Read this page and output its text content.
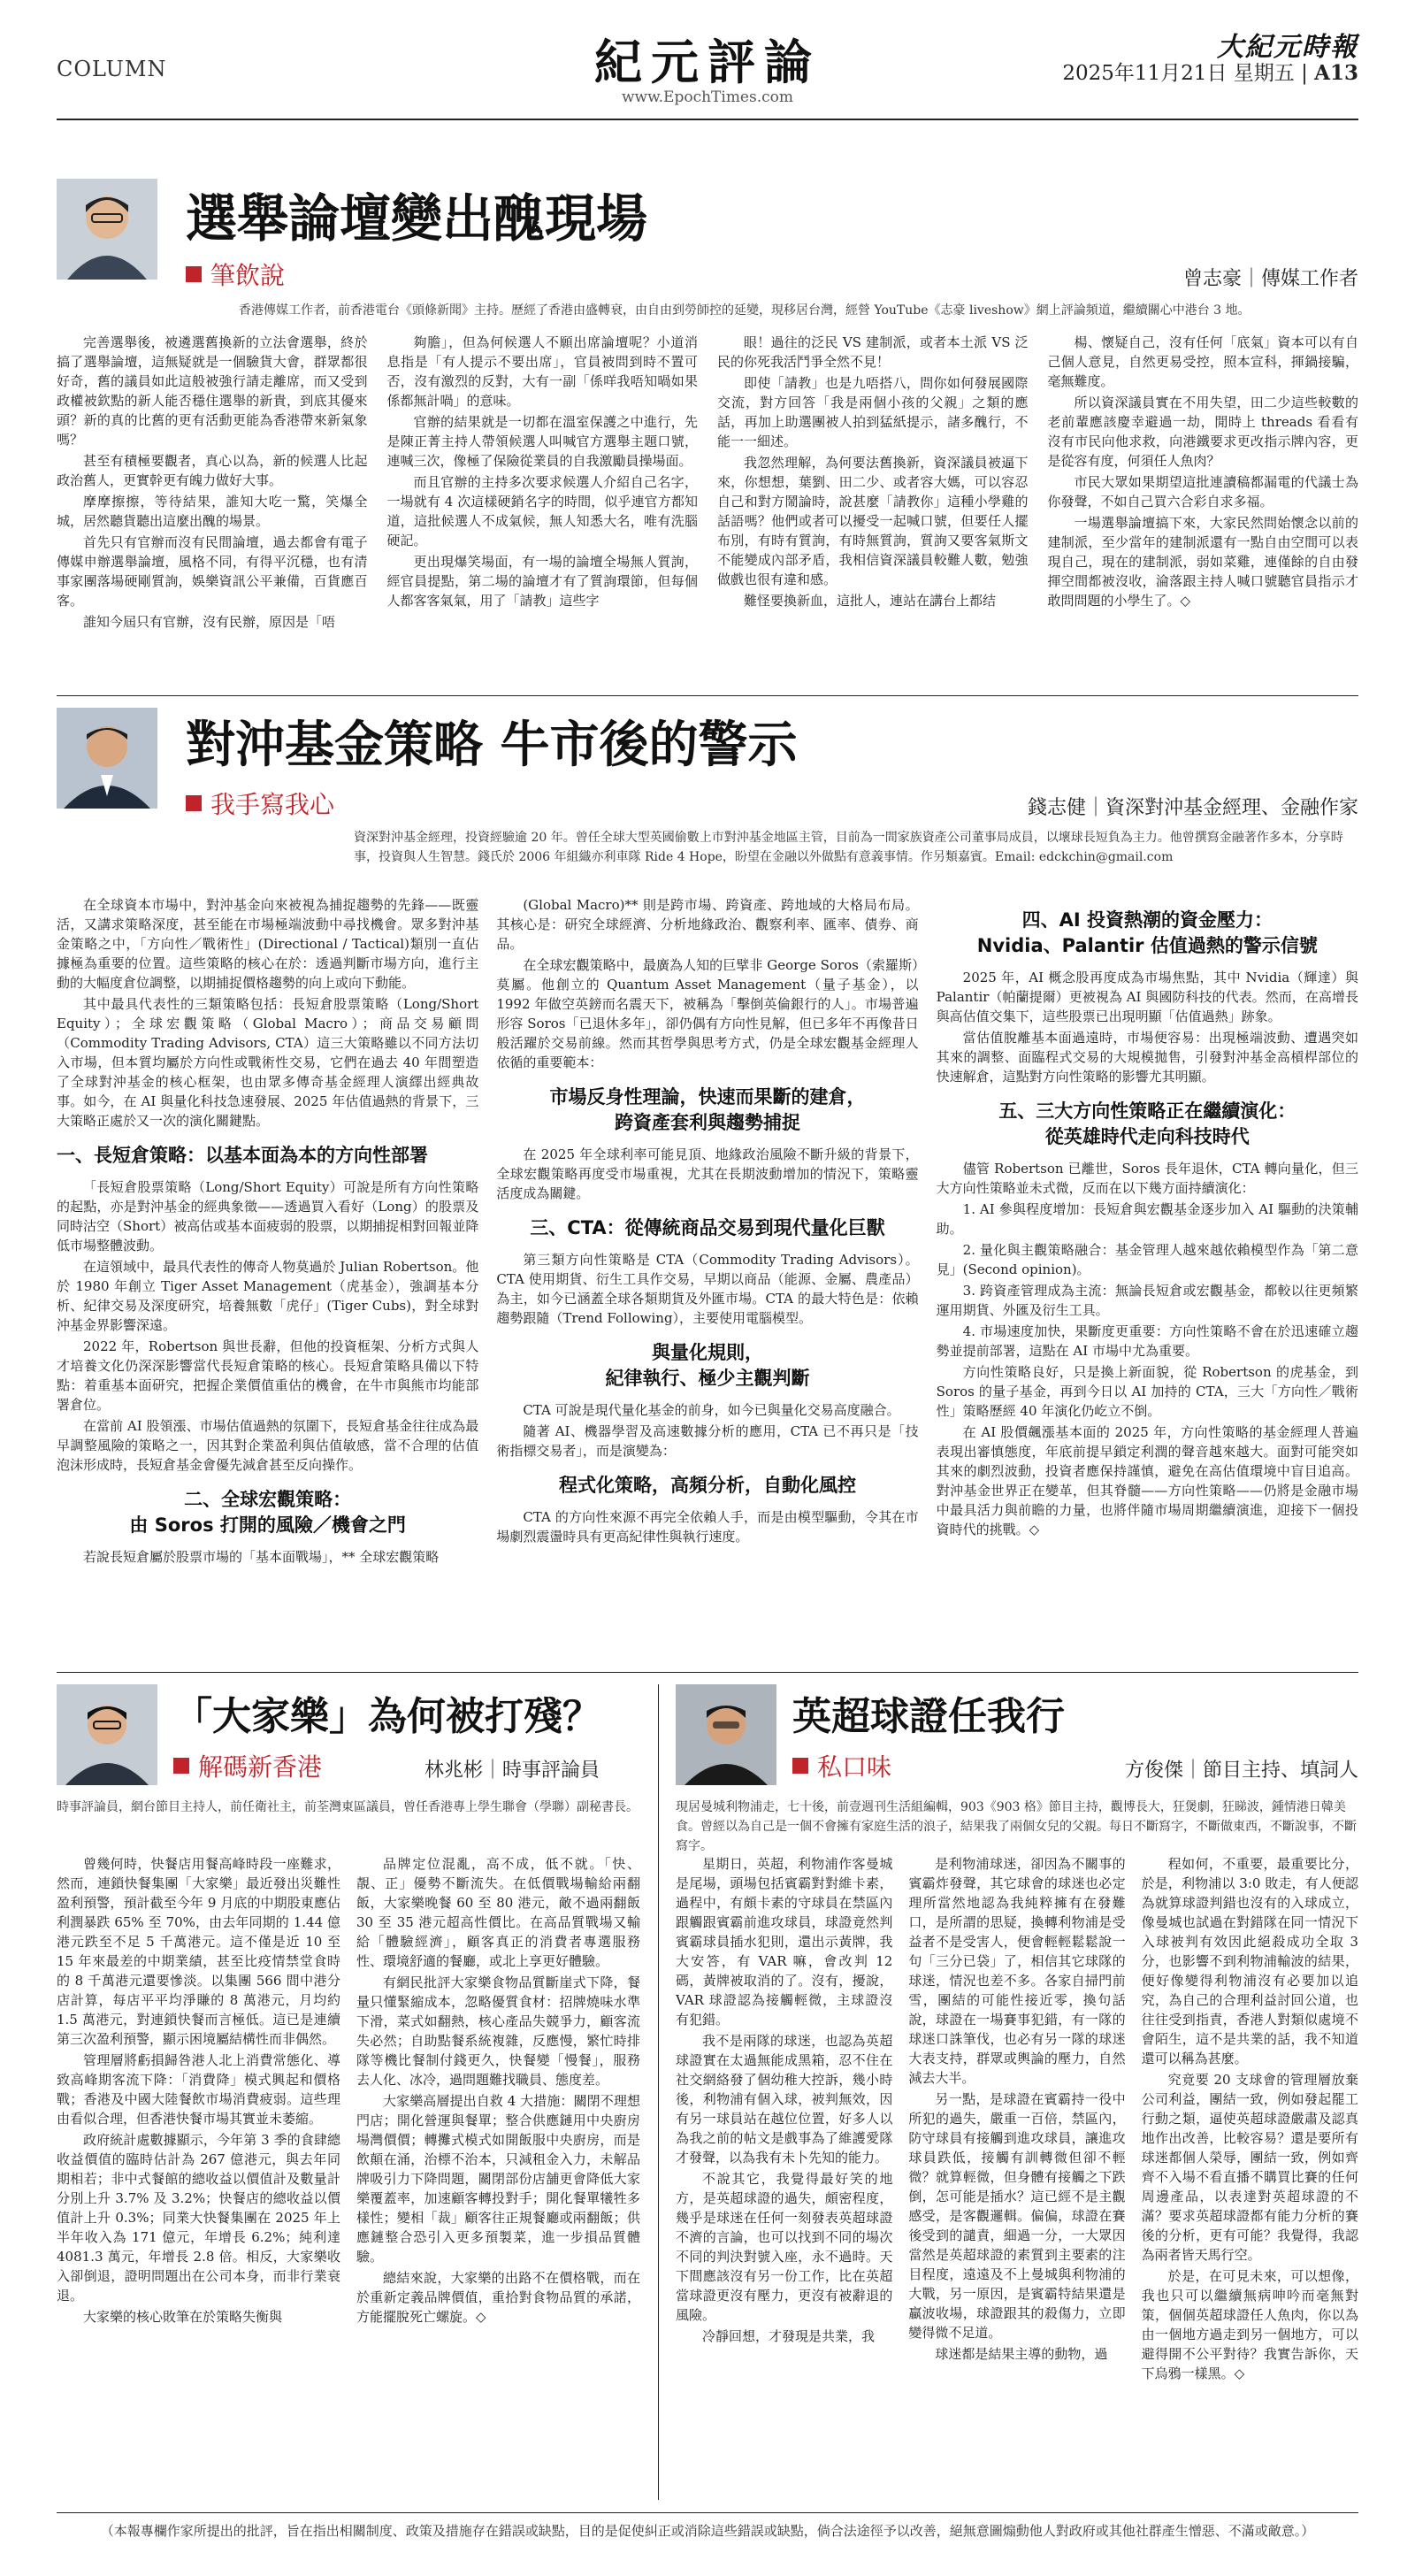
COLUMN	紀元評論
www.EpochTimes.com
大紀元時報
2025年11月21日 星期五 | A13
選舉論壇變出醜現場
筆飲說	曾志豪｜傳媒工作者
香港傳媒工作者，前香港電台《頭條新聞》主持。歷經了香港由盛轉衰，由自由到勞師控的延變，現移居台灣，經營 YouTube《志豪 liveshow》網上評論頻道，繼續關心中港台 3 地。

完善選舉後，被遴選舊換新的立法會選舉，終於搞了選舉論壇，這無疑就是一個驗貨大會，群眾都很好奇，舊的議員如此這般被強行請走離席，而又受到政權被欽點的新人能否穩住選舉的新貴，到底其優來頭？新的真的比舊的更有活動更能為香港帶來新氣象嗎？

甚至有積極要觀者，真心以為，新的候選人比起政治舊人，更實幹更有魄力做好大事。

摩摩擦擦，等待結果，誰知大吃一驚，笑爆全城，居然聽貨聽出這麼出醜的場景。

首先只有官辦而沒有民間論壇，過去都會有電子傳媒申辦選舉論壇，風格不同，有得平沉穩，也有清事家團落場硬剛質詢，娛樂資訊公平兼備，百貨應百客。

誰知今屆只有官辦，沒有民辦，原因是「唔

夠膽」，但為何候選人不願出席論壇呢？小道消息指是「有人提示不要出席」，官員被問到時不置可否，沒有激烈的反對，大有一副「係咩我唔知喎如果係都無計喎」的意味。

官辦的結果就是一切都在溫室保護之中進行，先是陳正菁主持人帶領候選人叫喊官方選舉主題口號，連喊三次，像極了保險從業員的自我激勵員操場面。

而且官辦的主持多次要求候選人介紹自己名字，一場就有 4 次這樣硬銷名字的時間，似乎連官方都知道，這批候選人不成氣候，無人知悉大名，唯有洗腦硬記。

更出現爆笑場面，有一場的論壇全場無人質詢，經官員提點，第二場的論壇才有了質詢環節，但每個人都客客氣氣，用了「請教」這些字

眼！過往的泛民 VS 建制派，或者本土派 VS 泛民的你死我活鬥爭全然不見！

即使「請教」也是九唔搭八，問你如何發展國際交流，對方回答「我是兩個小孩的父親」之類的應話，再加上助選團被人拍到猛紙提示，諸多醜行，不能一一細述。

我忽然理解，為何要法舊換新，資深議員被逼下來，你想想，葉劉、田二少、或者容大媽，可以容忍自己和對方鬧論時，說甚麼「請教你」這種小學雞的話語嗎？他們或者可以擾受一起喊口號，但要任人擺布別，有時有質詢，有時無質詢，質詢又要客氣斯文不能變成內部矛盾，我相信資深議員較難人數，勉強做戲也很有違和感。

難怪要換新血，這批人，連站在講台上都结

楊、懷疑自己，沒有任何「底氣」資本可以有自己個人意見，自然更易受控，照本宣科，揮鍋接騙，毫無難度。

所以資深議員實在不用失望，田二少這些較數的老前輩應該慶幸避過一劫，閒時上 threads 看看有沒有市民向他求救，向港鐵要求更改指示牌內容，更是從容有度，何須任人魚肉？

市民大眾如果期望這批連讀稿都漏電的代議士為你發聲，不如自己買六合彩自求多福。

一場選舉論壇搞下來，大家民然問始懷念以前的建制派，至少當年的建制派還有一點自由空間可以表現自己，現在的建制派，弱如菜雞，連僅餘的自由發揮空間都被沒收，淪落跟主持人喊口號聽官員指示才敢問問題的小學生了。◇

對沖基金策略 牛市後的警示
我手寫我心	錢志健｜資深對沖基金經理、金融作家
資深對沖基金經理，投資經驗逾 20 年。曾任全球大型英國偷數上市對沖基金地區主管，目前為一間家族資產公司董事局成員，以壞球長短負為主力。他曾撰寫金融著作多本，分享時事，投資與人生智慧。錢氏於 2006 年組織亦利車隊 Ride 4 Hope，盼望在金融以外做點有意義事情。作另類嘉賓。Email: edckchin@gmail.com

在全球資本市場中，對沖基金向來被視為捕捉趨勢的先鋒——既靈活，又講求策略深度，甚至能在市場極端波動中尋找機會。眾多對沖基金策略之中，「方向性／戰術性」(Directional / Tactical)類別一直佔據極為重要的位置。這些策略的核心在於：透過判斷市場方向，進行主動的大幅度倉位調整，以期捕捉價格趨勢的向上或向下動能。

其中最具代表性的三類策略包括：長短倉股票策略（Long/Short Equity）；全球宏觀策略（Global Macro）；商品交易顧問（Commodity Trading Advisors, CTA）這三大策略雖以不同方法切入市場，但本質均屬於方向性或戰術性交易，它們在過去 40 年間塑造了全球對沖基金的核心框架，也由眾多傳奇基金經理人演繹出經典故事。如今，在 AI 與量化科技急速發展、2025 年估值過熱的背景下，三大策略正處於又一次的演化關鍵點。

一、長短倉策略：以基本面為本的方向性部署

「長短倉股票策略（Long/Short Equity）可說是所有方向性策略的起點，亦是對沖基金的經典象徵——透過買入看好（Long）的股票及同時沽空（Short）被高估或基本面疲弱的股票，以期捕捉相對回報並降低市場整體波動。

在這領域中，最具代表性的傳奇人物莫過於 Julian Robertson。他於 1980 年創立 Tiger Asset Management（虎基金），強調基本分析、紀律交易及深度研究，培養無數「虎仔」(Tiger Cubs)，對全球對沖基金界影響深遠。

2022 年，Robertson 與世長辭，但他的投資框架、分析方式與人才培養文化仍深深影響當代長短倉策略的核心。長短倉策略具備以下特點：着重基本面研究，把握企業價值重估的機會，在牛市與熊市均能部署倉位。

在當前 AI 股領漲、市場估值過熱的氛圍下，長短倉基金往往成為最早調整風險的策略之一，因其對企業盈利與估值敏感，當不合理的估值泡沫形成時，長短倉基金會優先減倉甚至反向操作。

二、全球宏觀策略：
由 Soros 打開的風險／機會之門

若說長短倉屬於股票市場的「基本面戰場」，** 全球宏觀策略

(Global Macro)** 則是跨市場、跨資產、跨地域的大格局布局。其核心是：研究全球經濟、分析地緣政治、觀察利率、匯率、債券、商品。

在全球宏觀策略中，最廣為人知的巨擘非 George Soros（索羅斯）莫屬。他創立的 Quantum Asset Management（量子基金），以 1992 年做空英鎊而名震天下，被稱為「擊倒英倫銀行的人」。市場普遍形容 Soros「已退休多年」，卻仍偶有方向性見解，但已多年不再像昔日般活躍於交易前線。然而其哲學與思考方式，仍是全球宏觀基金經理人依循的重要範本：

市場反身性理論，快速而果斷的建倉，
跨資產套利與趨勢捕捉

在 2025 年全球利率可能見頂、地緣政治風險不斷升級的背景下，全球宏觀策略再度受市場重視，尤其在長期波動增加的情況下，策略靈活度成為關鍵。

三、CTA：從傳統商品交易到現代量化巨獸

第三類方向性策略是 CTA（Commodity Trading Advisors）。CTA 使用期貨、衍生工具作交易，早期以商品（能源、金屬、農產品）為主，如今已涵蓋全球各類期貨及外匯市場。CTA 的最大特色是：依賴趨勢跟隨（Trend Following），主要使用電腦模型。

與量化規則，
紀律執行、極少主觀判斷

CTA 可說是現代量化基金的前身，如今已與量化交易高度融合。

隨著 AI、機器學習及高速數據分析的應用，CTA 已不再只是「技術指標交易者」，而是演變為：

程式化策略，高頻分析，自動化風控

CTA 的方向性來源不再完全依賴人手，而是由模型驅動，令其在市場劇烈震盪時具有更高紀律性與執行速度。

四、AI 投資熱潮的資金壓力：
Nvidia、Palantir 估值過熱的警示信號

2025 年，AI 概念股再度成為市場焦點，其中 Nvidia（輝達）與 Palantir（帕蘭提爾）更被視為 AI 與國防科技的代表。然而，在高增長與高估值交集下，這些股票已出現明顯「估值過熱」跡象。

當估值脫離基本面過遠時，市場便容易：出現極端波動、遭遇突如其來的調整、面臨程式交易的大規模拋售，引發對沖基金高槓桿部位的快速解倉，這點對方向性策略的影響尤其明顯。

五、三大方向性策略正在繼續演化：
從英雄時代走向科技時代

儘管 Robertson 已離世，Soros 長年退休，CTA 轉向量化，但三大方向性策略並未式微，反而在以下幾方面持續演化：

1. AI 參與程度增加：長短倉與宏觀基金逐步加入 AI 驅動的決策輔助。

2. 量化與主觀策略融合：基金管理人越來越依賴模型作為「第二意見」(Second opinion)。

3. 跨資產管理成為主流：無論長短倉或宏觀基金，都較以往更頻繁運用期貨、外匯及衍生工具。

4. 市場速度加快，果斷度更重要：方向性策略不會在於迅速確立趨勢並提前部署，這點在 AI 市場中尤為重要。

方向性策略良好，只是換上新面貌，從 Robertson 的虎基金，到 Soros 的量子基金，再到今日以 AI 加持的 CTA，三大「方向性／戰術性」策略歷經 40 年演化仍屹立不倒。

在 AI 股價飆漲基本面的 2025 年，方向性策略的基金經理人普遍表現出審慎態度，年底前提早鎖定利潤的聲音越來越大。面對可能突如其來的劇烈波動，投資者應保持謹慎，避免在高估值環境中盲目追高。對沖基金世界正在變革，但其脊髓——方向性策略——仍將是金融市場中最具活力與前瞻的力量，也將伴隨市場周期繼續演進，迎接下一個投資時代的挑戰。◇

「大家樂」為何被打殘？
解碼新香港	林兆彬｜時事評論員
時事評論員，網台節目主持人，前任衛社主，前荃灣東區議員，曾任香港專上學生聯會（學聯）副秘書長。

曾幾何時，快餐店用餐高峰時段一座難求，然而，連鎖快餐集團「大家樂」最近發出災難性盈利預警，預計截至今年 9 月底的中期股東應佔利潤暴跌 65% 至 70%，由去年同期的 1.44 億港元跌至不足 5 千萬港元。這不僅是近 10 至 15 年來最差的中期業績，甚至比疫情禁堂食時的 8 千萬港元還要慘淡。以集團 566 間中港分店計算，每店平平均淨賺的 8 萬港元，月均約 1.5 萬港元，對連鎖快餐而言極低。這已是連續第三次盈利預警，顯示困境屬結構性而非偶然。

管理層將虧損歸咎港人北上消費常態化、導致高峰期客流下降：「消費降」模式興起和價格戰；香港及中國大陸餐飲市場消費疲弱。這些理由看似合理，但香港快餐市場其實並未萎縮。

政府統計處數據顯示，今年第 3 季的食肆總收益價值的臨時估計為 267 億港元，與去年同期相若；非中式餐館的總收益以價值計及數量計分別上升 3.7% 及 3.2%；快餐店的總收益以價值計上升 0.3%；同業大快餐集團在 2025 年上半年收入為 171 億元，年增長 6.2%；純利達 4081.3 萬元，年增長 2.8 倍。相反，大家樂收入卻倒退，證明問題出在公司本身，而非行業衰退。

大家樂的核心敗筆在於策略失衡與

品牌定位混亂，高不成，低不就。「快、靚、正」優勢不斷流失。在低價戰場輸給兩翻飯，大家樂晚餐 60 至 80 港元，敵不過兩翻飯 30 至 35 港元超高性價比。在高品質戰場又輸給「體驗經濟」，顧客真正的消費者專選服務性、環境舒適的餐廳，或北上享更好體驗。

有網民批評大家樂食物品質斷崖式下降，餐量只懂緊縮成本，忽略優質食材：招牌燒味水準下滑，菜式如翻熱，核心產品失競爭力，顧客流失必然；自助點餐系統複雜，反應慢，繁忙時排隊等機比餐制付錢更久，快餐變「慢餐」，服務去人化、冰冷，過問題難找職員、態度差。

大家樂高層提出自救 4 大措施：關閉不理想門店；開化營運與餐單；整合供應鏈用中央廚房場灣價價；轉攤式模式如開飯服中央廚房，而是飲顛在涌，治標不治本，只減租金入力，未解品牌吸引力下降問題，關閉部份店舗更會降低大家樂覆蓋率，加速顧客轉投對手；開化餐單犧牲多樣性；變相「裁」顧客往正規餐廳或兩翻飯；供應鏈整合恐引入更多預製菜，進一步損品質體驗。

總結來說，大家樂的出路不在價格戰，而在於重新定義品牌價值，重拾對食物品質的承諾，方能擺脫死亡螺旋。◇

英超球證任我行
私口味	方俊傑｜節目主持、填詞人
現居曼城利物浦走，七十後，前壹週刊生活組編輯，903《903 格》節目主持，觀博長大，狂煲劇，狂睇波，鍾情港日韓美食。曾經以為自己是一個不會擁有家庭生活的浪子，結果我了兩個女兒的父親。每日不斷寫字，不斷做東西，不斷說事，不斷寫字。

星期日，英超，利物浦作客曼城是尾場，頭場包括賓霸對對維卡素，過程中，有頗卡素的守球員在禁區內跟觸跟賓霸前進攻球員，球證竟然判賓霸球員插水犯則，還出示黃牌，我大安答，有 VAR 嘛，會改判 12 碼，黃牌被取消的了。沒有，擾說，VAR 球證認為接觸輕微，主球證沒有犯錯。

我不是兩隊的球迷，也認為英超球證實在太過無能成黑箱，忍不住在社交網絡發了個幼稚大控訴，幾小時後，利物浦有個入球，被判無效，因有另一球員站在越位位置，好多人以為我之前的帖文是戲事為了維護愛隊才發聲，以為我有未卜先知的能力。

不說其它，我覺得最好笑的地方，是英超球證的過失，頗密程度，幾乎是球迷在任何一刻發表英超球證不濟的言論，也可以找到不同的場次不同的判決對號入座，永不過時。天下間應該沒有另一份工作，比在英超當球證更沒有壓力，更沒有被辭退的風險。

冷靜回想，才發現是共業，我

是利物浦球迷，卻因為不關事的賓霸炸發聲，其它球會的球迷也必定理所當然地認為我純粹擁有在發難口，是所謂的思疑，換轉利物浦是受益者不是受害人，便會輕輕鬆鬆說一句「三分已袋」了，相信其它球隊的球迷，情況也差不多。各家自掃門前雪，團結的可能性接近零，換句話說，球證在一場賽事犯錯，有一隊的球迷口誅筆伐，也必有另一隊的球迷大表支持，群眾或輿論的壓力，自然減去大半。

另一點，是球證在賓霸持一役中所犯的過失，嚴重一百倍，禁區內，防守球員有接觸到進攻球員，讓進攻球員跌低，接觸有訓轉微但卻不輕微？就算輕微，但身體有接觸之下跌倒，怎可能是插水？這已經不是主觀感受，是客觀邏輯。偏偏，球證在賽後受到的譴責，細過一分，一大眾因當然是英超球證的素質到主要素的注目程度，遠遠及不上曼城與利物浦的大戰，另一原因，是賓霸特結果還是贏波收場，球證跟其的殺傷力，立即變得微不足道。

球迷都是結果主導的動物，過

程如何，不重要，最重要比分，於是，利物浦以 3:0 敗走，有人便認為就算球證判錯也沒有的入球成立，像曼城也試過在對錯隊在同一情況下入球被判有效因此絕殺成功全取 3 分，也影響不到利物浦輸波的結果，便好像變得利物浦沒有必要加以追究，為自己的合理利益討回公道，也往往受到指責，香港人對類似處境不會陌生，這不是共業的話，我不知道還可以稱為甚麼。

究竟要 20 支球會的管理層放棄公司利益，團結一致，例如發起罷工行動之類，逼使英超球證嚴肅及認真地作出改善，比較容易？還是要所有球迷都個人榮辱，團結一致，例如齊齊不入場不看直播不購買比賽的任何周邊產品，以表達對英超球證的不滿？要求英超球證都有能力分析的賽後的分析，更有可能？我覺得，我認為兩者皆天馬行空。

於是，在可見未來，可以想像，我也只可以繼續無病呻吟而毫無對策，個個英超球證任人魚肉，你以為由一個地方過走到另一個地方，可以避得開不公平對待？我實告訴你，天下烏鴉一樣黑。◇

（本報專欄作家所提出的批評，旨在指出相關制度、政策及措施存在錯誤或缺點，目的是促使糾正或消除這些錯誤或缺點，倘合法途徑予以改善，絕無意圖煽動他人對政府或其他社群產生憎惡、不滿或敵意。）
